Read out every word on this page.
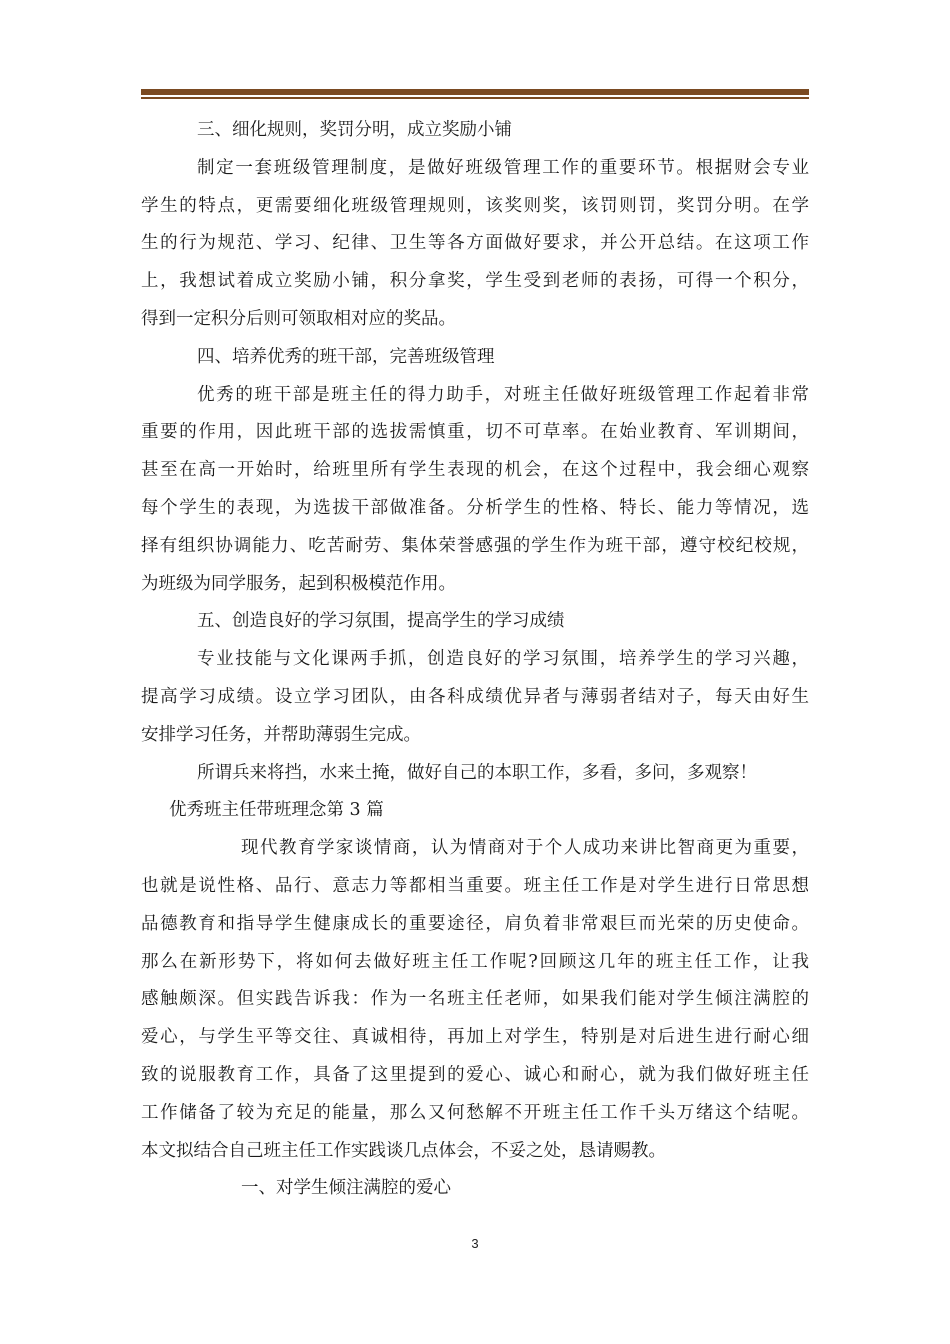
三、细化规则，奖罚分明，成立奖励小铺
制定一套班级管理制度，是做好班级管理工作的重要环节。根据财会专业
学生的特点，更需要细化班级管理规则，该奖则奖，该罚则罚，奖罚分明。在学
生的行为规范、学习、纪律、卫生等各方面做好要求，并公开总结。在这项工作
上，我想试着成立奖励小铺，积分拿奖，学生受到老师的表扬，可得一个积分，
得到一定积分后则可领取相对应的奖品。
四、培养优秀的班干部，完善班级管理
优秀的班干部是班主任的得力助手，对班主任做好班级管理工作起着非常
重要的作用，因此班干部的选拔需慎重，切不可草率。在始业教育、军训期间，
甚至在高一开始时，给班里所有学生表现的机会，在这个过程中，我会细心观察
每个学生的表现，为选拔干部做准备。分析学生的性格、特长、能力等情况，选
择有组织协调能力、吃苦耐劳、集体荣誉感强的学生作为班干部，遵守校纪校规，
为班级为同学服务，起到积极模范作用。
五、创造良好的学习氛围，提高学生的学习成绩
专业技能与文化课两手抓，创造良好的学习氛围，培养学生的学习兴趣，
提高学习成绩。设立学习团队，由各科成绩优异者与薄弱者结对子，每天由好生
安排学习任务，并帮助薄弱生完成。
所谓兵来将挡，水来土掩，做好自己的本职工作，多看，多问，多观察！
优秀班主任带班理念第 3 篇
现代教育学家谈情商，认为情商对于个人成功来讲比智商更为重要，
也就是说性格、品行、意志力等都相当重要。班主任工作是对学生进行日常思想
品德教育和指导学生健康成长的重要途径，肩负着非常艰巨而光荣的历史使命。
那么在新形势下，将如何去做好班主任工作呢?回顾这几年的班主任工作，让我
感触颇深。但实践告诉我：作为一名班主任老师，如果我们能对学生倾注满腔的
爱心，与学生平等交往、真诚相待，再加上对学生，特别是对后进生进行耐心细
致的说服教育工作，具备了这里提到的爱心、诚心和耐心，就为我们做好班主任
工作储备了较为充足的能量，那么又何愁解不开班主任工作千头万绪这个结呢。
本文拟结合自己班主任工作实践谈几点体会，不妥之处，恳请赐教。
一、对学生倾注满腔的爱心
3
